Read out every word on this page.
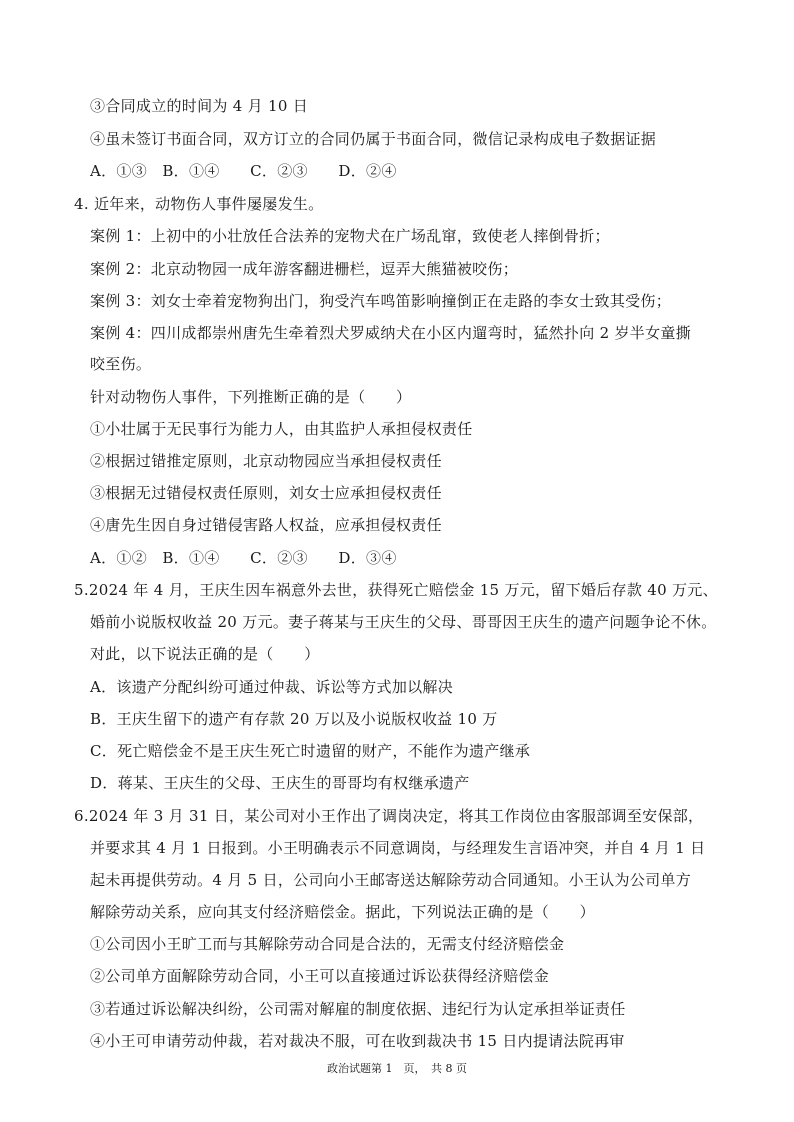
③合同成立的时间为 4 月 10 日
④虽未签订书面合同，双方订立的合同仍属于书面合同，微信记录构成电子数据证据
A．①③　B．①④　　C．②③　　D．②④
4. 近年来，动物伤人事件屡屡发生。
案例 1：上初中的小壮放任合法养的宠物犬在广场乱窜，致使老人摔倒骨折；
案例 2：北京动物园一成年游客翻进栅栏，逗弄大熊猫被咬伤；
案例 3：刘女士牵着宠物狗出门，狗受汽车鸣笛影响撞倒正在走路的李女士致其受伤；
案例 4：四川成都崇州唐先生牵着烈犬罗威纳犬在小区内遛弯时，猛然扑向 2 岁半女童撕
咬至伤。
针对动物伤人事件，下列推断正确的是（　　）
①小壮属于无民事行为能力人，由其监护人承担侵权责任
②根据过错推定原则，北京动物园应当承担侵权责任
③根据无过错侵权责任原则，刘女士应承担侵权责任
④唐先生因自身过错侵害路人权益，应承担侵权责任
A．①②　B．①④　　C．②③　　D．③④
5.2024 年 4 月，王庆生因车祸意外去世，获得死亡赔偿金 15 万元，留下婚后存款 40 万元、
婚前小说版权收益 20 万元。妻子蒋某与王庆生的父母、哥哥因王庆生的遗产问题争论不休。
对此，以下说法正确的是（　　）
A．该遗产分配纠纷可通过仲裁、诉讼等方式加以解决
B．王庆生留下的遗产有存款 20 万以及小说版权收益 10 万
C．死亡赔偿金不是王庆生死亡时遗留的财产，不能作为遗产继承
D．蒋某、王庆生的父母、王庆生的哥哥均有权继承遗产
6.2024 年 3 月 31 日，某公司对小王作出了调岗决定，将其工作岗位由客服部调至安保部，
并要求其 4 月 1 日报到。小王明确表示不同意调岗，与经理发生言语冲突，并自 4 月 1 日
起未再提供劳动。4 月 5 日，公司向小王邮寄送达解除劳动合同通知。小王认为公司单方
解除劳动关系，应向其支付经济赔偿金。据此，下列说法正确的是（　　）
①公司因小王旷工而与其解除劳动合同是合法的，无需支付经济赔偿金
②公司单方面解除劳动合同，小王可以直接通过诉讼获得经济赔偿金
③若通过诉讼解决纠纷，公司需对解雇的制度依据、违纪行为认定承担举证责任
④小王可申请劳动仲裁，若对裁决不服，可在收到裁决书 15 日内提请法院再审
政治试题第 1　页，　共 8 页
